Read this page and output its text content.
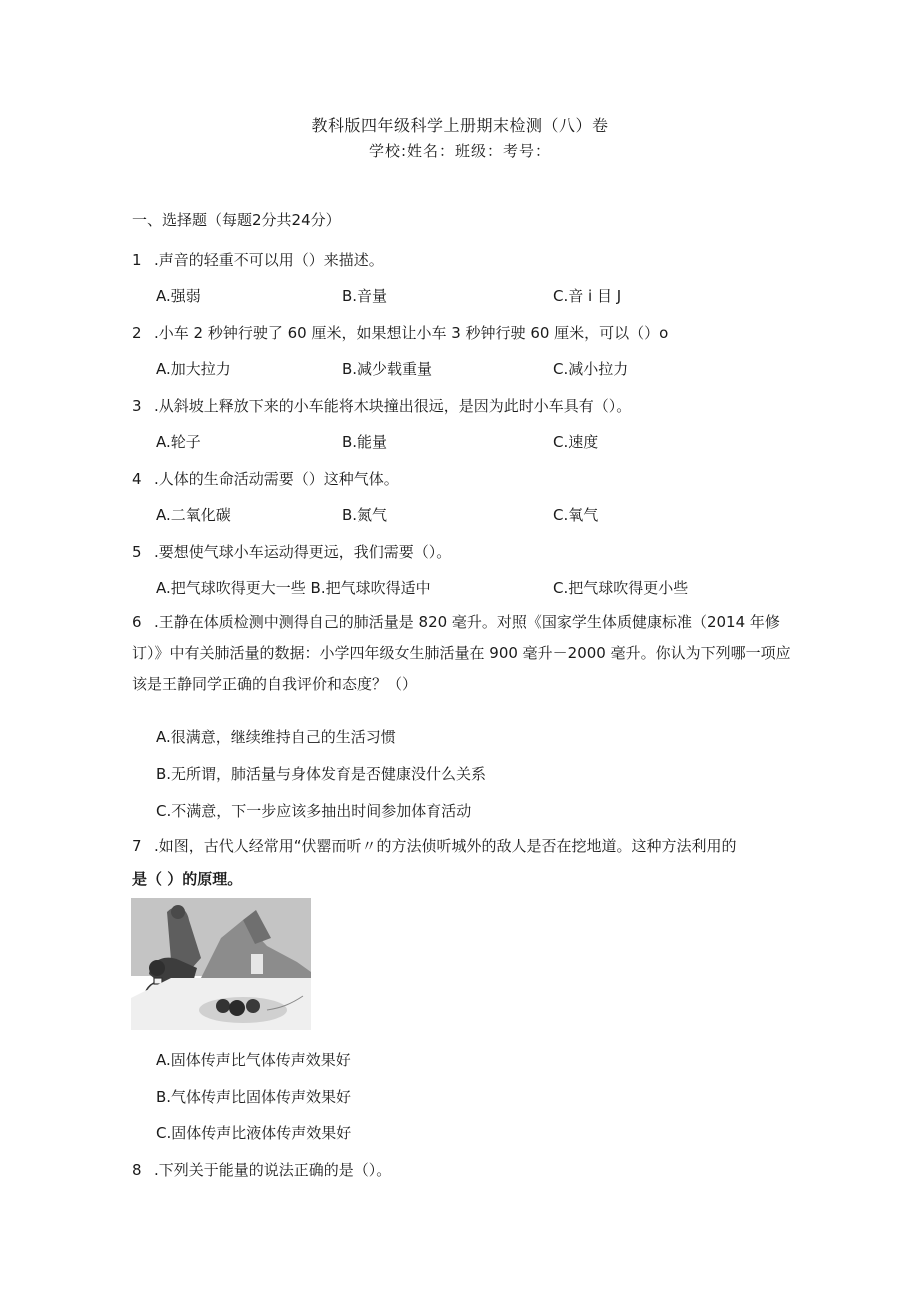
教科版四年级科学上册期末检测（八）卷
学校:姓名：班级：考号：
一、选择题（每题2分共24分）
1 .声音的轻重不可以用（）来描述。
A.强弱	B.音量	C.音 i 目 J
2 .小车 2 秒钟行驶了 60 厘米，如果想让小车 3 秒钟行驶 60 厘米，可以（）o
A.加大拉力	B.减少载重量	C.减小拉力
3 .从斜坡上释放下来的小车能将木块撞出很远，是因为此时小车具有（）。
A.轮子	B.能量	C.速度
4 .人体的生命活动需要（）这种气体。
A.二氧化碳	B.氮气	C.氧气
5 .要想使气球小车运动得更远，我们需要（）。
A.把气球吹得更大一些 B.把气球吹得适中	C.把气球吹得更小些
6 .王静在体质检测中测得自己的肺活量是 820 毫升。对照《国家学生体质健康标准（2014 年修订）》中有关肺活量的数据：小学四年级女生肺活量在 900 毫升－2000 毫升。你认为下列哪一项应该是王静同学正确的自我评价和态度？（）
A.很满意，继续维持自己的生活习惯
B.无所谓，肺活量与身体发育是否健康没什么关系
C.不满意，下一步应该多抽出时间参加体育活动
7 .如图，古代人经常用“伏罂而听〃的方法侦听城外的敌人是否在挖地道。这种方法利用的
是（ ）的原理。
A.固体传声比气体传声效果好
B.气体传声比固体传声效果好
C.固体传声比液体传声效果好
8 .下列关于能量的说法正确的是（）。
